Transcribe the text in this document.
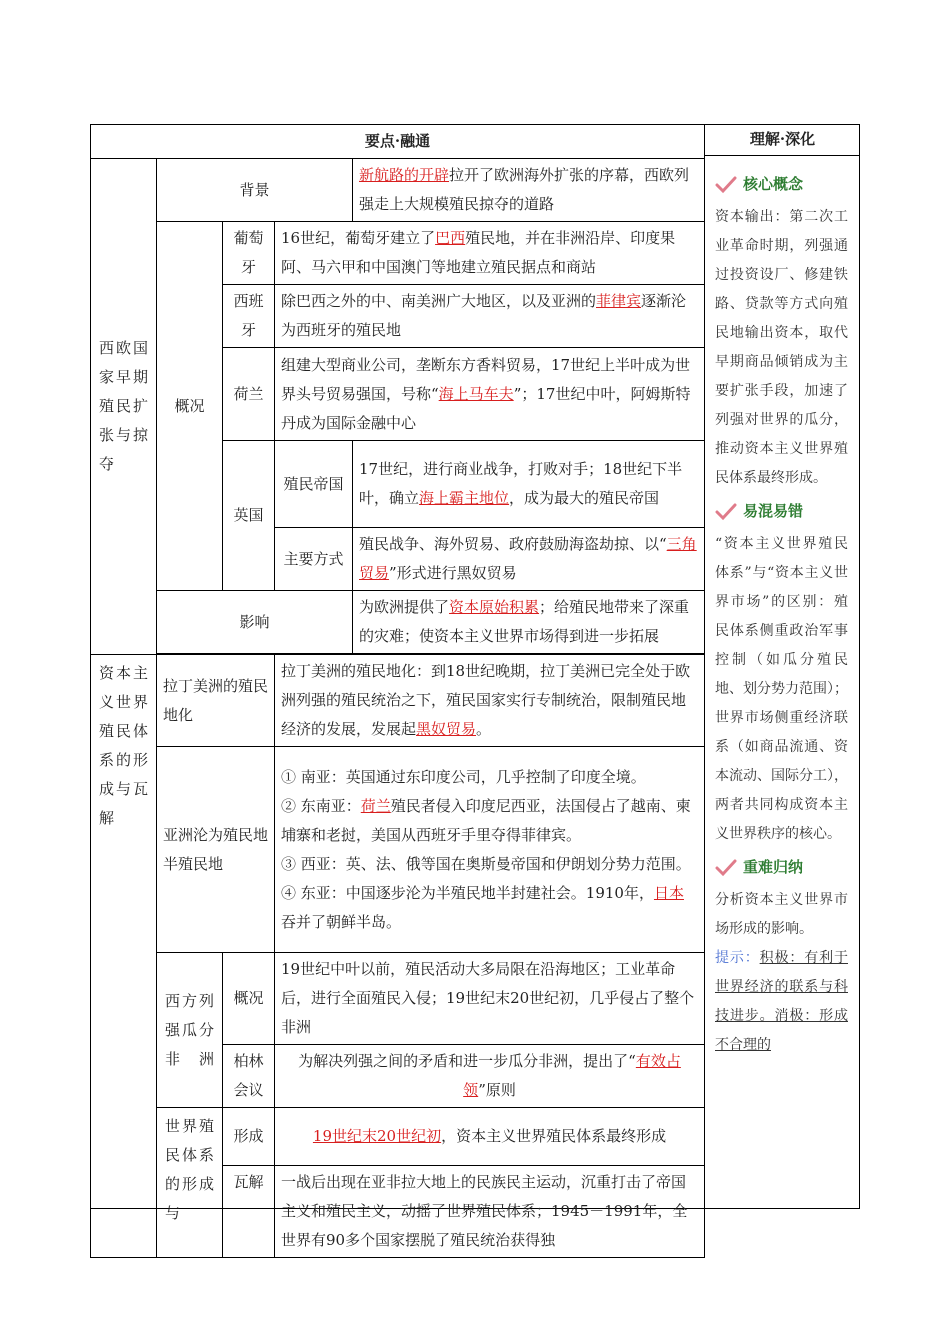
要点·融通				
西欧国家早期殖民扩张与掠夺	背景			新航路的开辟拉开了欧洲海外扩张的序幕，西欧列强走上大规模殖民掠夺的道路
	概况	葡萄牙	16世纪，葡萄牙建立了巴西殖民地，并在非洲沿岸、印度果阿、马六甲和中国澳门等地建立殖民据点和商站	
		西班牙	除巴西之外的中、南美洲广大地区，以及亚洲的菲律宾逐渐沦为西班牙的殖民地	
		荷兰	组建大型商业公司，垄断东方香料贸易，17世纪上半叶成为世界头号贸易强国，号称“海上马车夫”；17世纪中叶，阿姆斯特丹成为国际金融中心	
		英国	殖民帝国	17世纪，进行商业战争，打败对手；18世纪下半叶，确立海上霸主地位，成为最大的殖民帝国
			主要方式	殖民战争、海外贸易、政府鼓励海盗劫掠、以“三角贸易”形式进行黑奴贸易
	影响			为欧洲提供了资本原始积累；给殖民地带来了深重的灾难；使资本主义世界市场得到进一步拓展

资本主义世界殖民体系的形成与瓦解	拉丁美洲的殖民地化		拉丁美洲的殖民地化：到18世纪晚期，拉丁美洲已完全处于欧洲列强的殖民统治之下，殖民国家实行专制统治，限制殖民地经济的发展，发展起黑奴贸易。	
	亚洲沦为殖民地半殖民地		① 南亚：英国通过东印度公司，几乎控制了印度全境。
② 东南亚：荷兰殖民者侵入印度尼西亚，法国侵占了越南、柬埔寨和老挝，美国从西班牙手里夺得菲律宾。
③ 西亚：英、法、俄等国在奥斯曼帝国和伊朗划分势力范围。
④ 东亚：中国逐步沦为半殖民地半封建社会。1910年，日本吞并了朝鲜半岛。	

	西方列强瓜分非洲	概况	19世纪中叶以前，殖民活动大多局限在沿海地区；工业革命后，进行全面殖民入侵；19世纪末20世纪初，几乎侵占了整个非洲	
		柏林会议	为解决列强之间的矛盾和进一步瓜分非洲，提出了“有效占领”原则	
	世界殖民体系的形成与	形成	19世纪末20世纪初，资本主义世界殖民体系最终形成	
		瓦解	一战后出现在亚非拉大地上的民族民主运动，沉重打击了帝国主义和殖民主义，动摇了世界殖民体系；1945－1991年，全世界有90多个国家摆脱了殖民统治获得独	
理解·深化
核心概念
资本输出：第二次工业革命时期，列强通过投资设厂、修建铁路、贷款等方式向殖民地输出资本，取代早期商品倾销成为主要扩张手段，加速了列强对世界的瓜分，推动资本主义世界殖民体系最终形成。
易混易错
“资本主义世界殖民体系”与“资本主义世界市场”的区别：殖民体系侧重政治军事控制（如瓜分殖民地、划分势力范围）；世界市场侧重经济联系（如商品流通、资本流动、国际分工），两者共同构成资本主义世界秩序的核心。
重难归纳
分析资本主义世界市场形成的影响。
提示：积极：有利于世界经济的联系与科技进步。消极：形成不合理的
